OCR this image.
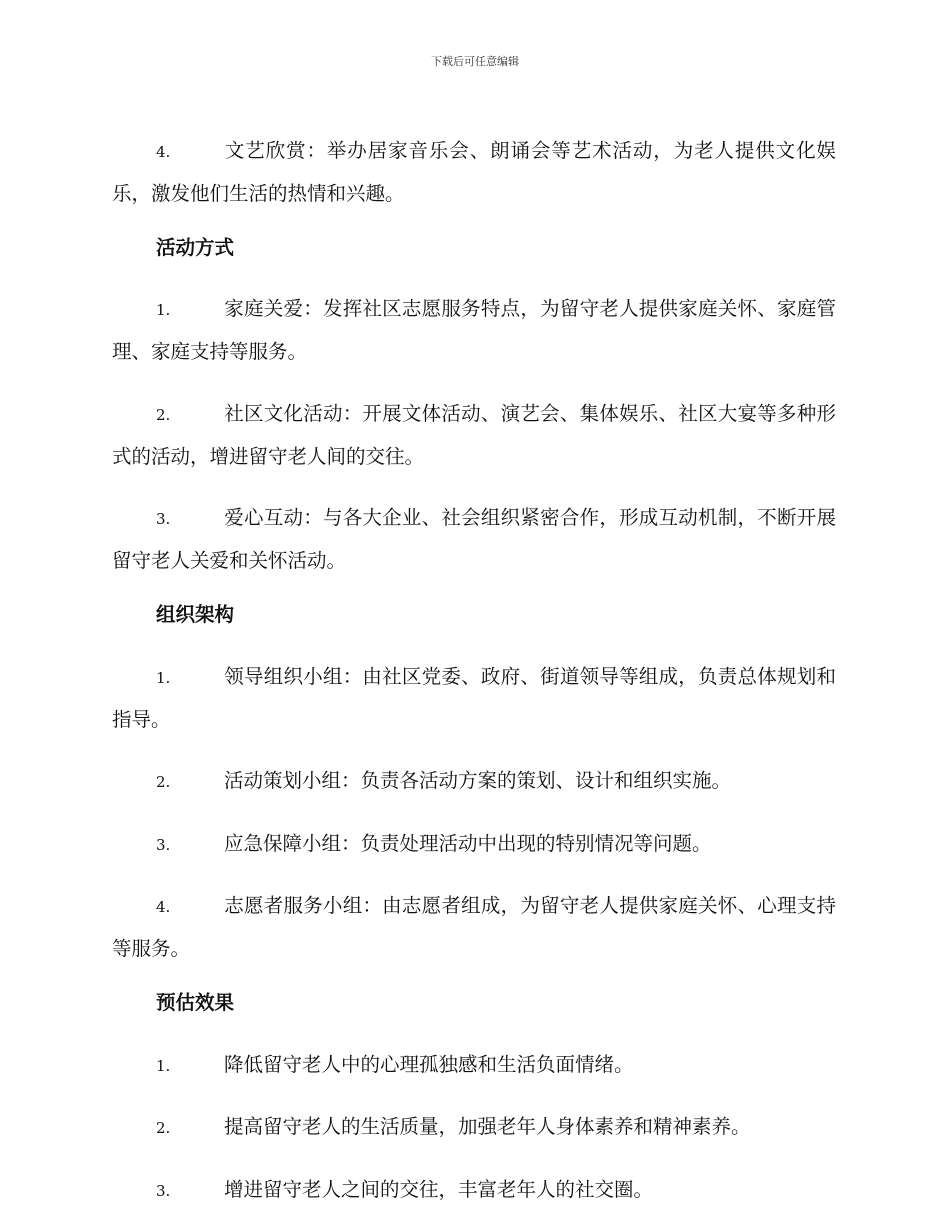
下载后可任意编辑

4.	文艺欣赏：举办居家音乐会、朗诵会等艺术活动，为老人提供文化娱乐，激发他们生活的热情和兴趣。

活动方式

1.	家庭关爱：发挥社区志愿服务特点，为留守老人提供家庭关怀、家庭管理、家庭支持等服务。

2.	社区文化活动：开展文体活动、演艺会、集体娱乐、社区大宴等多种形式的活动，增进留守老人间的交往。

3.	爱心互动：与各大企业、社会组织紧密合作，形成互动机制，不断开展留守老人关爱和关怀活动。

组织架构

1.	领导组织小组：由社区党委、政府、街道领导等组成，负责总体规划和指导。

2.	活动策划小组：负责各活动方案的策划、设计和组织实施。

3.	应急保障小组：负责处理活动中出现的特别情况等问题。

4.	志愿者服务小组：由志愿者组成，为留守老人提供家庭关怀、心理支持等服务。

预估效果

1.	降低留守老人中的心理孤独感和生活负面情绪。

2.	提高留守老人的生活质量，加强老年人身体素养和精神素养。

3.	增进留守老人之间的交往，丰富老年人的社交圈。
